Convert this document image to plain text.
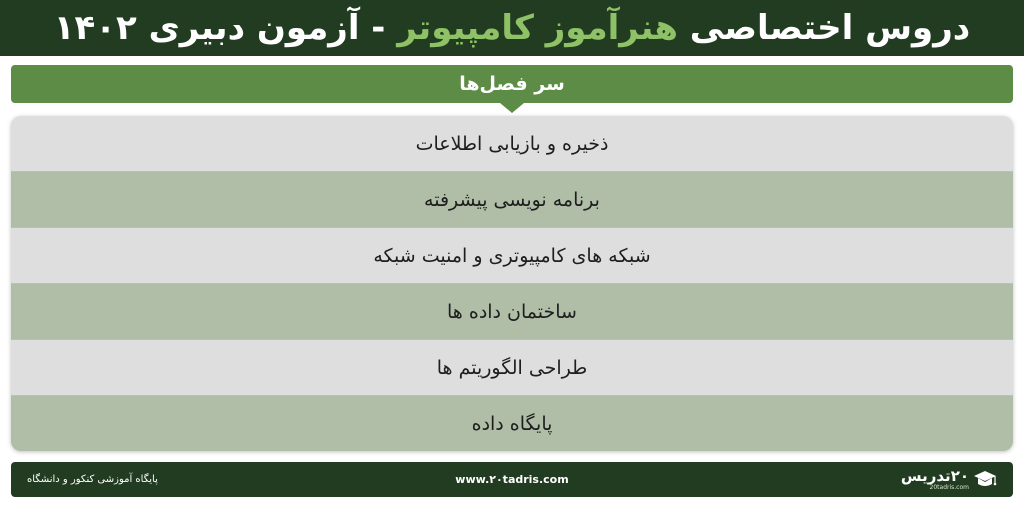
دروس اختصاصی هنرآموز کامپیوتر - آزمون دبیری ۱۴۰۲
سر فصل‌ها
ذخیره و بازیابی اطلاعات
برنامه نویسی پیشرفته
شبکه های کامپیوتری و امنیت شبکه
ساختمان داده ها
طراحی الگوریتم ها
پایگاه داده
پایگاه آموزشی کنکور و دانشگاه	www.۲۰tadris.com	۲۰تدریس
20tadris.com
